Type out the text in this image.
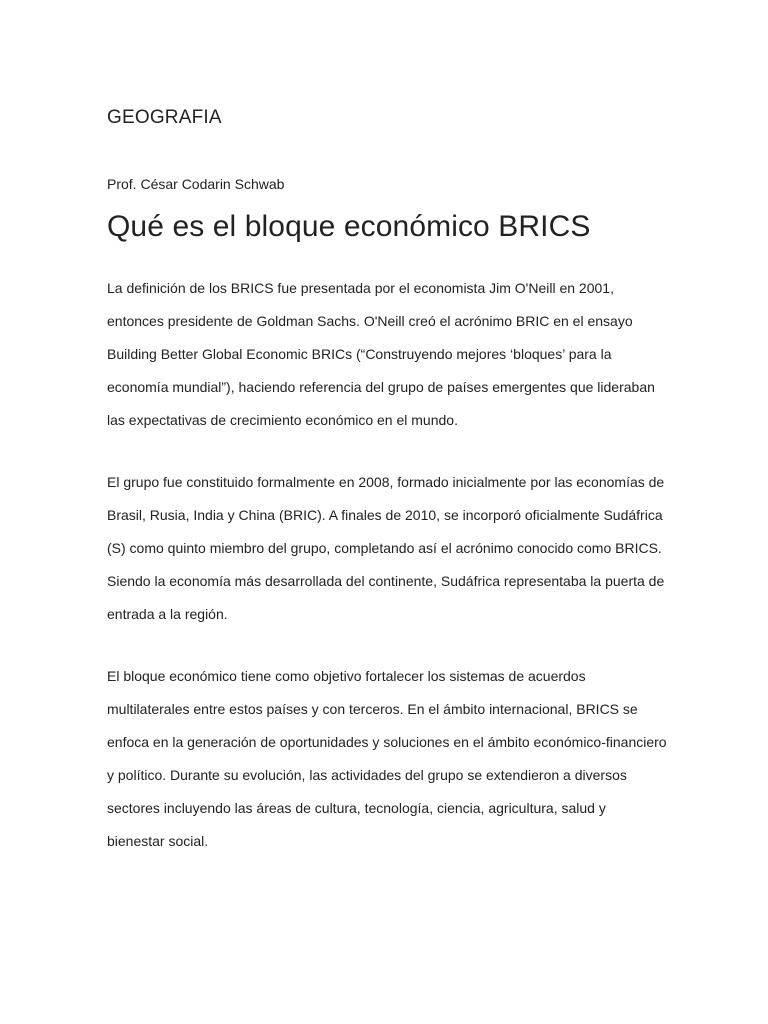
GEOGRAFIA

Prof. César Codarin Schwab

Qué es el bloque económico BRICS

La definición de los BRICS fue presentada por el economista Jim O'Neill en 2001, entonces presidente de Goldman Sachs. O'Neill creó el acrónimo BRIC en el ensayo Building Better Global Economic BRICs (“Construyendo mejores ‘bloques’ para la economía mundial”), haciendo referencia del grupo de países emergentes que lideraban las expectativas de crecimiento económico en el mundo.

El grupo fue constituido formalmente en 2008, formado inicialmente por las economías de Brasil, Rusia, India y China (BRIC). A finales de 2010, se incorporó oficialmente Sudáfrica (S) como quinto miembro del grupo, completando así el acrónimo conocido como BRICS. Siendo la economía más desarrollada del continente, Sudáfrica representaba la puerta de entrada a la región.

El bloque económico tiene como objetivo fortalecer los sistemas de acuerdos multilaterales entre estos países y con terceros. En el ámbito internacional, BRICS se enfoca en la generación de oportunidades y soluciones en el ámbito económico-financiero y político. Durante su evolución, las actividades del grupo se extendieron a diversos sectores incluyendo las áreas de cultura, tecnología, ciencia, agricultura, salud y bienestar social.
